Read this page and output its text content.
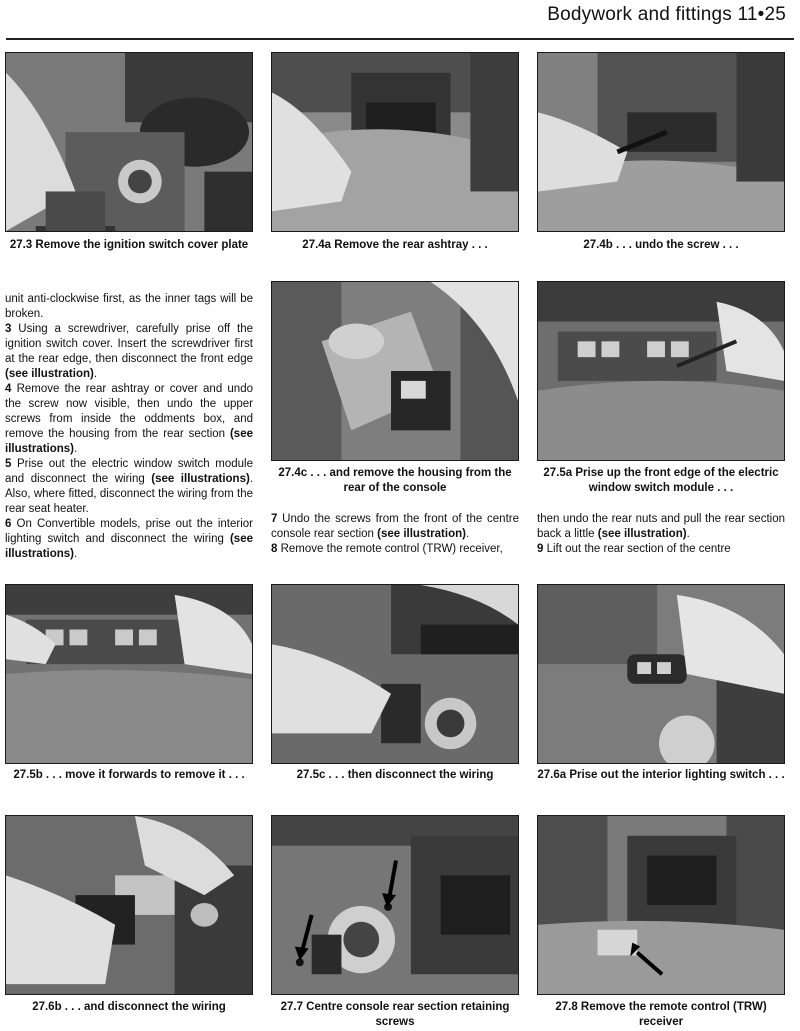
Bodywork and fittings 11•25
27.3 Remove the ignition switch cover plate	27.4a Remove the rear ashtray . . .	27.4b . . . undo the screw . . .

unit anti-clockwise first, as the inner tags will be broken.

3 Using a screwdriver, carefully prise off the ignition switch cover. Insert the screwdriver first at the rear edge, then disconnect the front edge (see illustration).

4 Remove the rear ashtray or cover and undo the screw now visible, then undo the upper screws from inside the oddments box, and remove the housing from the rear section (see illustrations).

5 Prise out the electric window switch module and disconnect the wiring (see illustrations). Also, where fitted, disconnect the wiring from the rear seat heater.

6 On Convertible models, prise out the interior lighting switch and disconnect the wiring (see illustrations).

27.4c . . . and remove the housing from the rear of the console
27.5a Prise up the front edge of the electric window switch module . . .

7 Undo the screws from the front of the centre console rear section (see illustration).

8 Remove the remote control (TRW) receiver,

then undo the rear nuts and pull the rear section back a little (see illustration).

9 Lift out the rear section of the centre

27.5b . . . move it forwards to remove it . . .	27.5c . . . then disconnect the wiring	27.6a Prise out the interior lighting switch . . .
27.6b . . . and disconnect the wiring	27.7 Centre console rear section retaining screws
27.8 Remove the remote control (TRW) receiver
